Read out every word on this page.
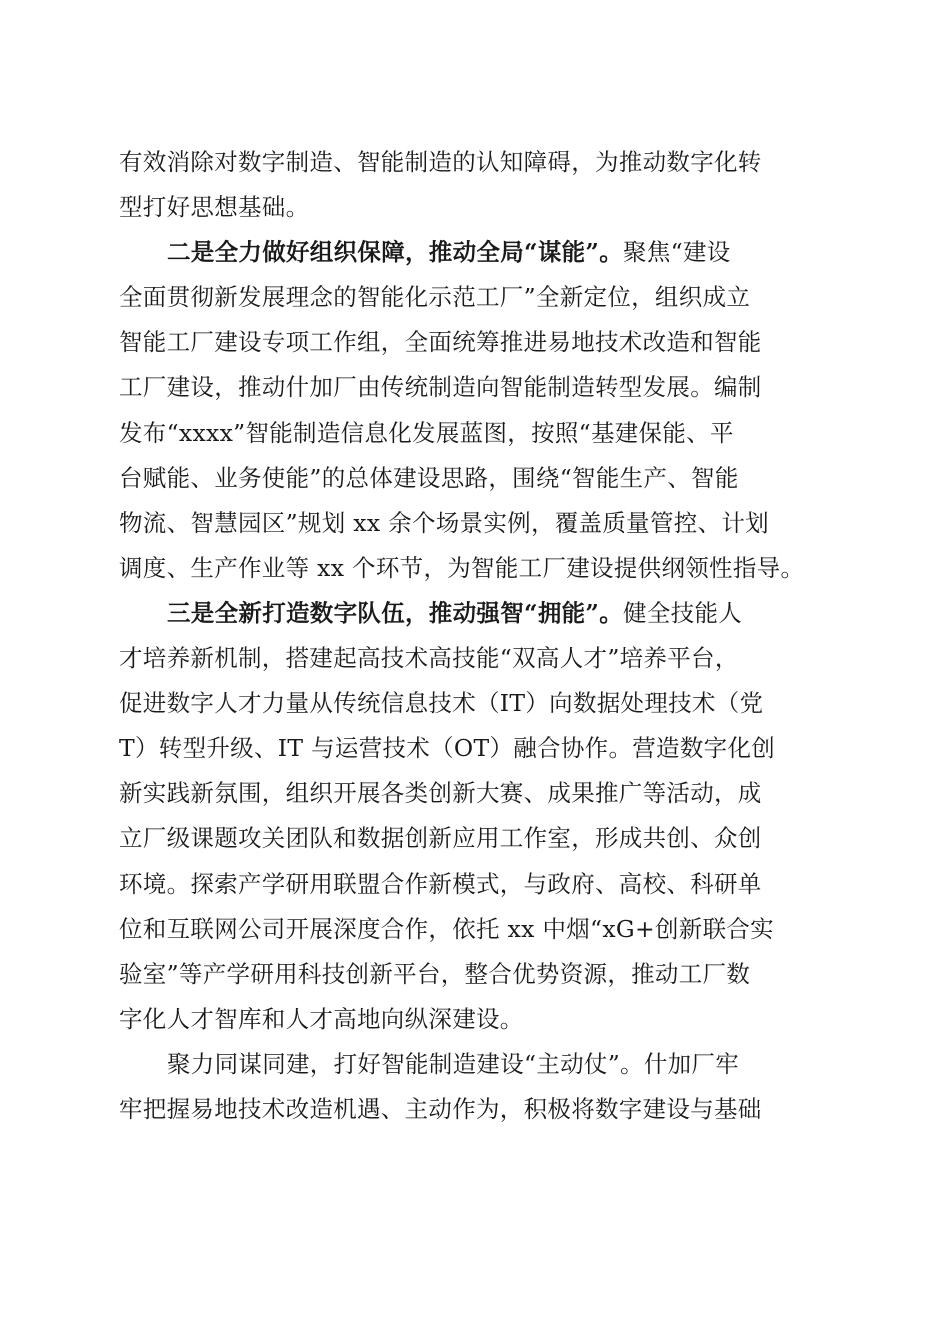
有效消除对数字制造、智能制造的认知障碍，为推动数字化转
型打好思想基础。
二是全力做好组织保障，推动全局“谋能”。聚焦“建设
全面贯彻新发展理念的智能化示范工厂”全新定位，组织成立
智能工厂建设专项工作组，全面统筹推进易地技术改造和智能
工厂建设，推动什加厂由传统制造向智能制造转型发展。编制
发布“xxxx”智能制造信息化发展蓝图，按照“基建保能、平
台赋能、业务使能”的总体建设思路，围绕“智能生产、智能
物流、智慧园区”规划 xx 余个场景实例，覆盖质量管控、计划
调度、生产作业等 xx 个环节，为智能工厂建设提供纲领性指导。
三是全新打造数字队伍，推动强智“拥能”。健全技能人
才培养新机制，搭建起高技术高技能“双高人才”培养平台，
促进数字人才力量从传统信息技术（IT）向数据处理技术（党
T）转型升级、IT 与运营技术（OT）融合协作。营造数字化创
新实践新氛围，组织开展各类创新大赛、成果推广等活动，成
立厂级课题攻关团队和数据创新应用工作室，形成共创、众创
环境。探索产学研用联盟合作新模式，与政府、高校、科研单
位和互联网公司开展深度合作，依托 xx 中烟“xG+创新联合实
验室”等产学研用科技创新平台，整合优势资源，推动工厂数
字化人才智库和人才高地向纵深建设。
聚力同谋同建，打好智能制造建设“主动仗”。什加厂牢
牢把握易地技术改造机遇、主动作为，积极将数字建设与基础
